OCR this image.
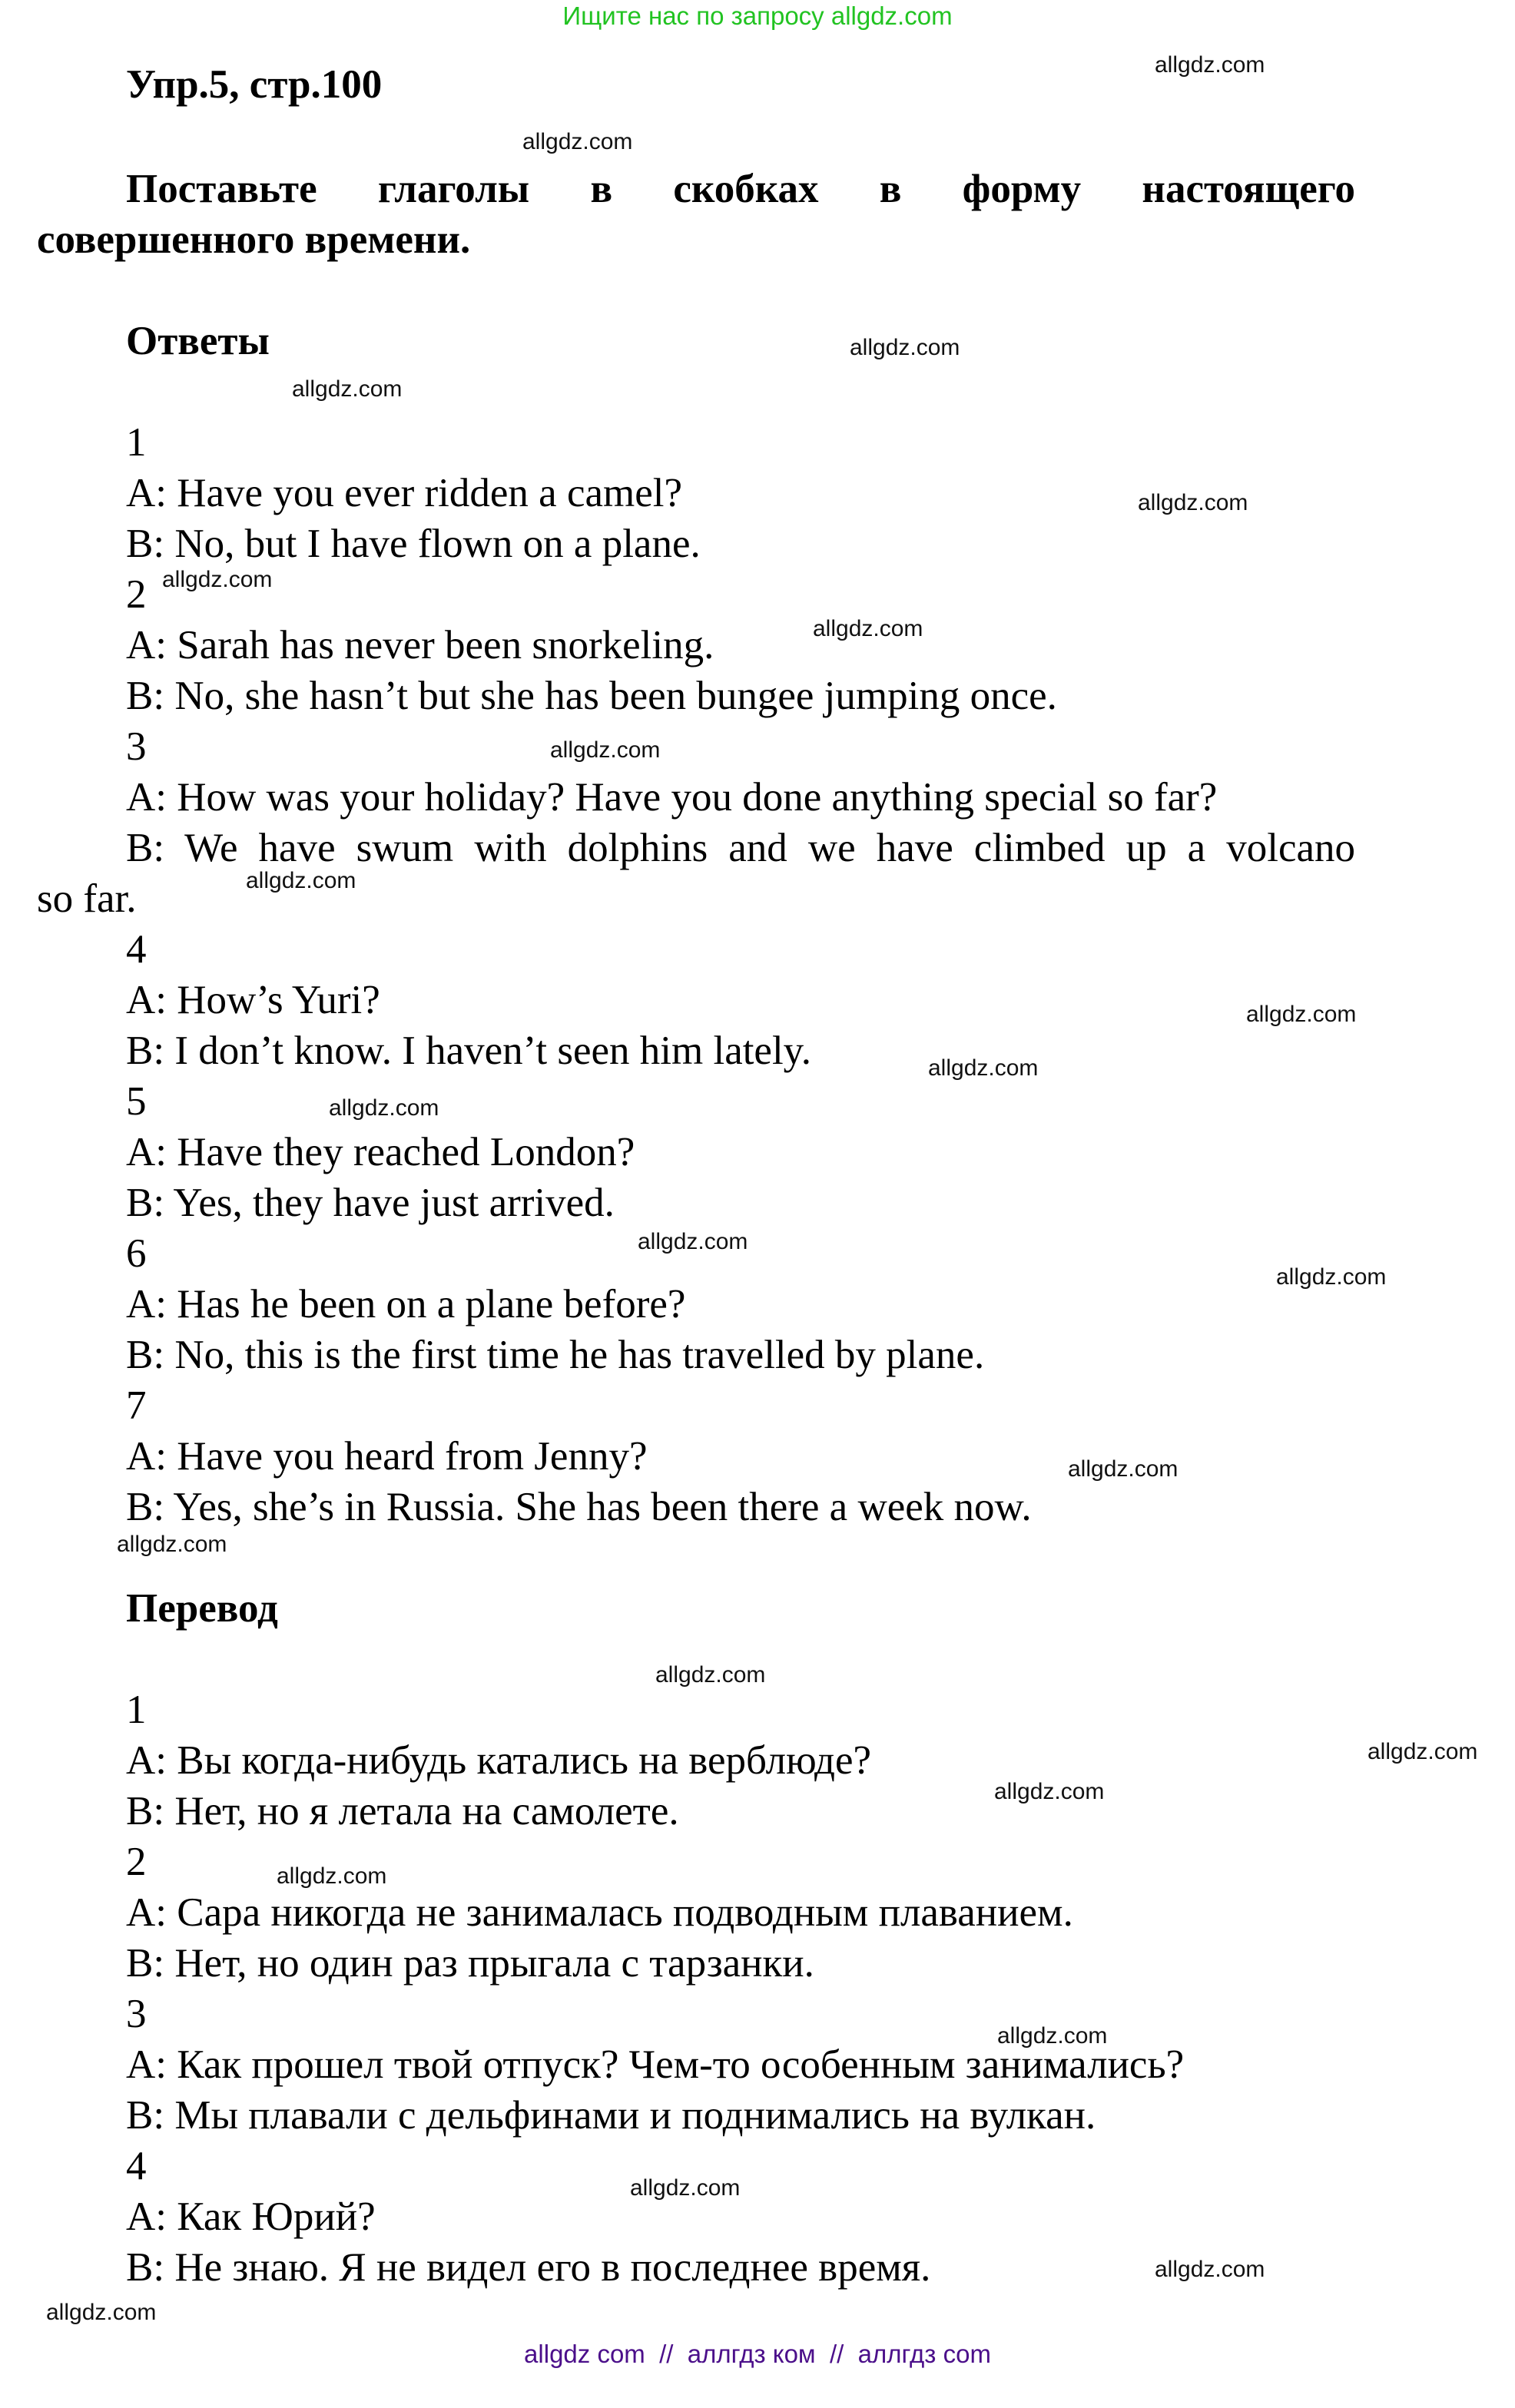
Ищите нас по запросу allgdz.com
Упр.5, стр.100
Поставьте глаголы в скобках в форму настоящего
совершенного времени.
Ответы
1
A: Have you ever ridden a camel?
B: No, but I have flown on a plane.
2
A: Sarah has never been snorkeling.
B: No, she hasn’t but she has been bungee jumping once.
3
A: How was your holiday? Have you done anything special so far?
B: We have swum with dolphins and we have climbed up a volcano
so far.
4
A: How’s Yuri?
B: I don’t know. I haven’t seen him lately.
5
A: Have they reached London?
B: Yes, they have just arrived.
6
A: Has he been on a plane before?
B: No, this is the first time he has travelled by plane.
7
A: Have you heard from Jenny?
B: Yes, she’s in Russia. She has been there a week now.
Перевод
1
A: Вы когда-нибудь катались на верблюде?
B: Нет, но я летала на самолете.
2
A: Сара никогда не занималась подводным плаванием.
B: Нет, но один раз прыгала с тарзанки.
3
A: Как прошел твой отпуск? Чем-то особенным занимались?
B: Мы плавали с дельфинами и поднимались на вулкан.
4
A: Как Юрий?
B: Не знаю. Я не видел его в последнее время.
allgdz.com
allgdz.com
allgdz.com
allgdz.com
allgdz.com
allgdz.com
allgdz.com
allgdz.com
allgdz.com
allgdz.com
allgdz.com
allgdz.com
allgdz.com
allgdz.com
allgdz.com
allgdz.com
allgdz.com
allgdz.com
allgdz.com
allgdz.com
allgdz.com
allgdz.com
allgdz.com
allgdz.com
allgdz com  //  аллгдз ком  //  аллгдз com
